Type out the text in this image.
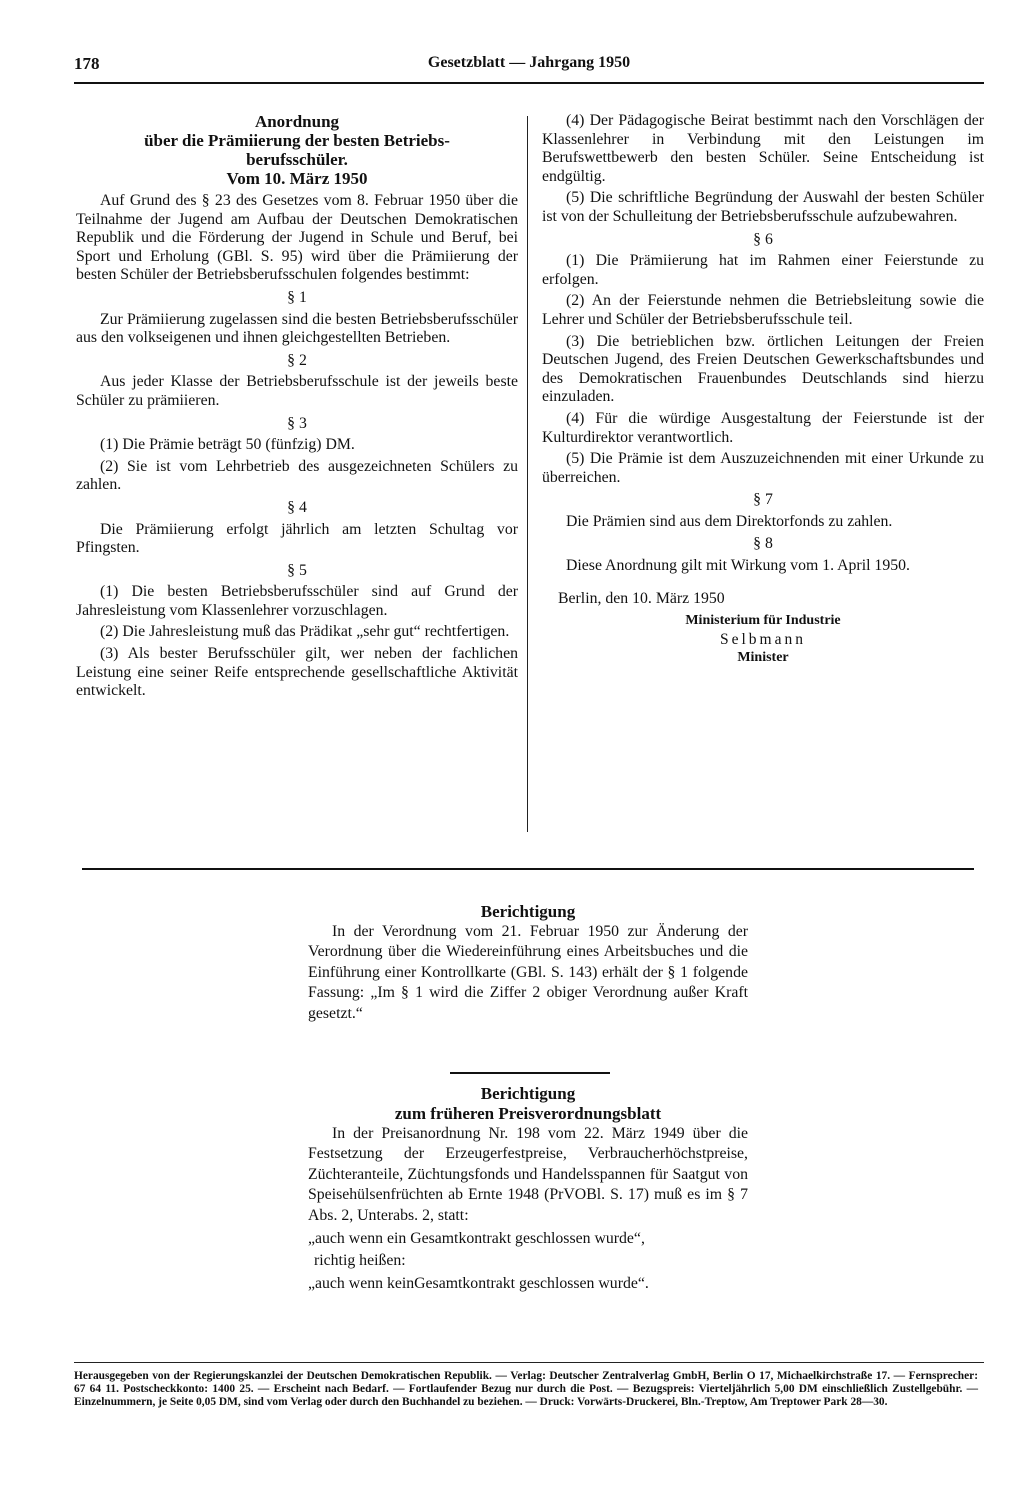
178	Gesetzblatt — Jahrgang 1950
Anordnung
über die Prämiierung der besten Betriebs-
berufsschüler.
Vom 10. März 1950

Auf Grund des § 23 des Gesetzes vom 8. Februar 1950 über die Teilnahme der Jugend am Aufbau der Deutschen Demokratischen Republik und die Förderung der Jugend in Schule und Beruf, bei Sport und Erholung (GBl. S. 95) wird über die Prämiierung der besten Schüler der Betriebsberufsschulen folgendes bestimmt:

§ 1

Zur Prämiierung zugelassen sind die besten Betriebsberufsschüler aus den volkseigenen und ihnen gleichgestellten Betrieben.

§ 2

Aus jeder Klasse der Betriebsberufsschule ist der jeweils beste Schüler zu prämiieren.

§ 3

(1) Die Prämie beträgt 50 (fünfzig) DM.

(2) Sie ist vom Lehrbetrieb des ausgezeichneten Schülers zu zahlen.

§ 4

Die Prämiierung erfolgt jährlich am letzten Schultag vor Pfingsten.

§ 5

(1) Die besten Betriebsberufsschüler sind auf Grund der Jahresleistung vom Klassenlehrer vorzuschlagen.

(2) Die Jahresleistung muß das Prädikat „sehr gut“ rechtfertigen.

(3) Als bester Berufsschüler gilt, wer neben der fachlichen Leistung eine seiner Reife entsprechende gesellschaftliche Aktivität entwickelt.

(4) Der Pädagogische Beirat bestimmt nach den Vorschlägen der Klassenlehrer in Verbindung mit den Leistungen im Berufswettbewerb den besten Schüler. Seine Entscheidung ist endgültig.

(5) Die schriftliche Begründung der Auswahl der besten Schüler ist von der Schulleitung der Betriebsberufsschule aufzubewahren.

§ 6

(1) Die Prämiierung hat im Rahmen einer Feierstunde zu erfolgen.

(2) An der Feierstunde nehmen die Betriebsleitung sowie die Lehrer und Schüler der Betriebsberufsschule teil.

(3) Die betrieblichen bzw. örtlichen Leitungen der Freien Deutschen Jugend, des Freien Deutschen Gewerkschaftsbundes und des Demokratischen Frauenbundes Deutschlands sind hierzu einzuladen.

(4) Für die würdige Ausgestaltung der Feierstunde ist der Kulturdirektor verantwortlich.

(5) Die Prämie ist dem Auszuzeichnenden mit einer Urkunde zu überreichen.

§ 7

Die Prämien sind aus dem Direktorfonds zu zahlen.

§ 8

Diese Anordnung gilt mit Wirkung vom 1. April 1950.

Berlin, den 10. März 1950

Ministerium für Industrie
Selbmann
Minister
Berichtigung

In der Verordnung vom 21. Februar 1950 zur Änderung der Verordnung über die Wiedereinführung eines Arbeitsbuches und die Einführung einer Kontrollkarte (GBl. S. 143) erhält der § 1 folgende Fassung: „Im § 1 wird die Ziffer 2 obiger Verordnung außer Kraft gesetzt.“

Berichtigung
zum früheren Preisverordnungsblatt

In der Preisanordnung Nr. 198 vom 22. März 1949 über die Festsetzung der Erzeugerfestpreise, Verbraucherhöchstpreise, Züchteranteile, Züchtungsfonds und Handelsspannen für Saatgut von Speisehülsenfrüchten ab Ernte 1948 (PrVOBl. S. 17) muß es im § 7 Abs. 2, Unterabs. 2, statt:

„auch wenn ein Gesamtkontrakt geschlossen wurde“,
richtig heißen:
„auch wenn keinGesamtkontrakt geschlossen wurde“.
Herausgegeben von der Regierungskanzlei der Deutschen Demokratischen Republik. — Verlag: Deutscher Zentralverlag GmbH, Berlin O 17, Michaelkirchstraße 17. — Fernsprecher: 67 64 11. Postscheckkonto: 1400 25. — Erscheint nach Bedarf. — Fortlaufender Bezug nur durch die Post. — Bezugspreis: Vierteljährlich 5,00 DM einschließlich Zustellgebühr. — Einzelnummern, je Seite 0,05 DM, sind vom Verlag oder durch den Buchhandel zu beziehen. — Druck: Vorwärts-Druckerei, Bln.-Treptow, Am Treptower Park 28—30.
